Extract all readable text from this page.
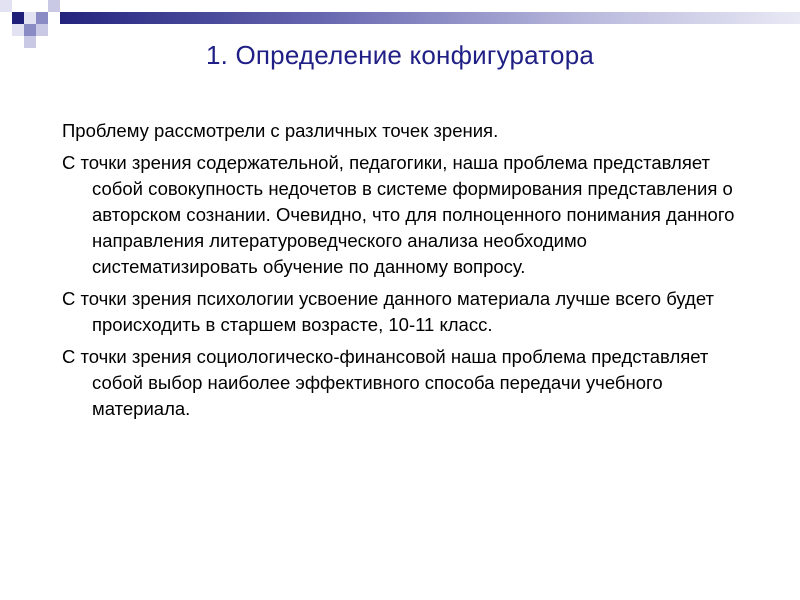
1. Определение конфигуратора

Проблему рассмотрели с различных точек зрения.

С точки зрения содержательной, педагогики, наша проблема представляет собой совокупность недочетов в системе формирования представления о авторском сознании. Очевидно, что для полноценного понимания данного направления литературоведческого анализа необходимо систематизировать обучение по данному вопросу.

С точки зрения психологии усвоение данного материала лучше всего будет происходить в старшем возрасте, 10-11 класс.

С точки зрения социологическо-финансовой наша проблема представляет собой выбор наиболее эффективного способа передачи учебного материала.
